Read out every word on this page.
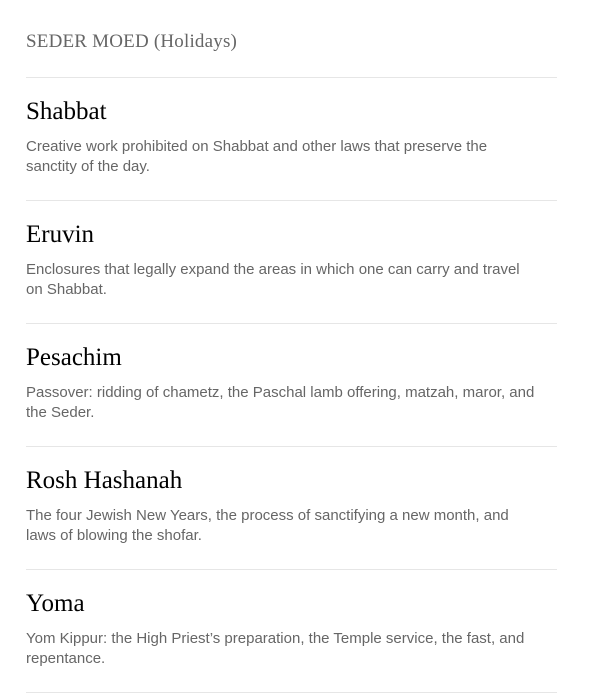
SEDER MOED (Holidays)
Shabbat
Creative work prohibited on Shabbat and other laws that preserve the sanctity of the day.
Eruvin
Enclosures that legally expand the areas in which one can carry and travel on Shabbat.
Pesachim
Passover: ridding of chametz, the Paschal lamb offering, matzah, maror, and the Seder.
Rosh Hashanah
The four Jewish New Years, the process of sanctifying a new month, and laws of blowing the shofar.
Yoma
Yom Kippur: the High Priest’s preparation, the Temple service, the fast, and repentance.
